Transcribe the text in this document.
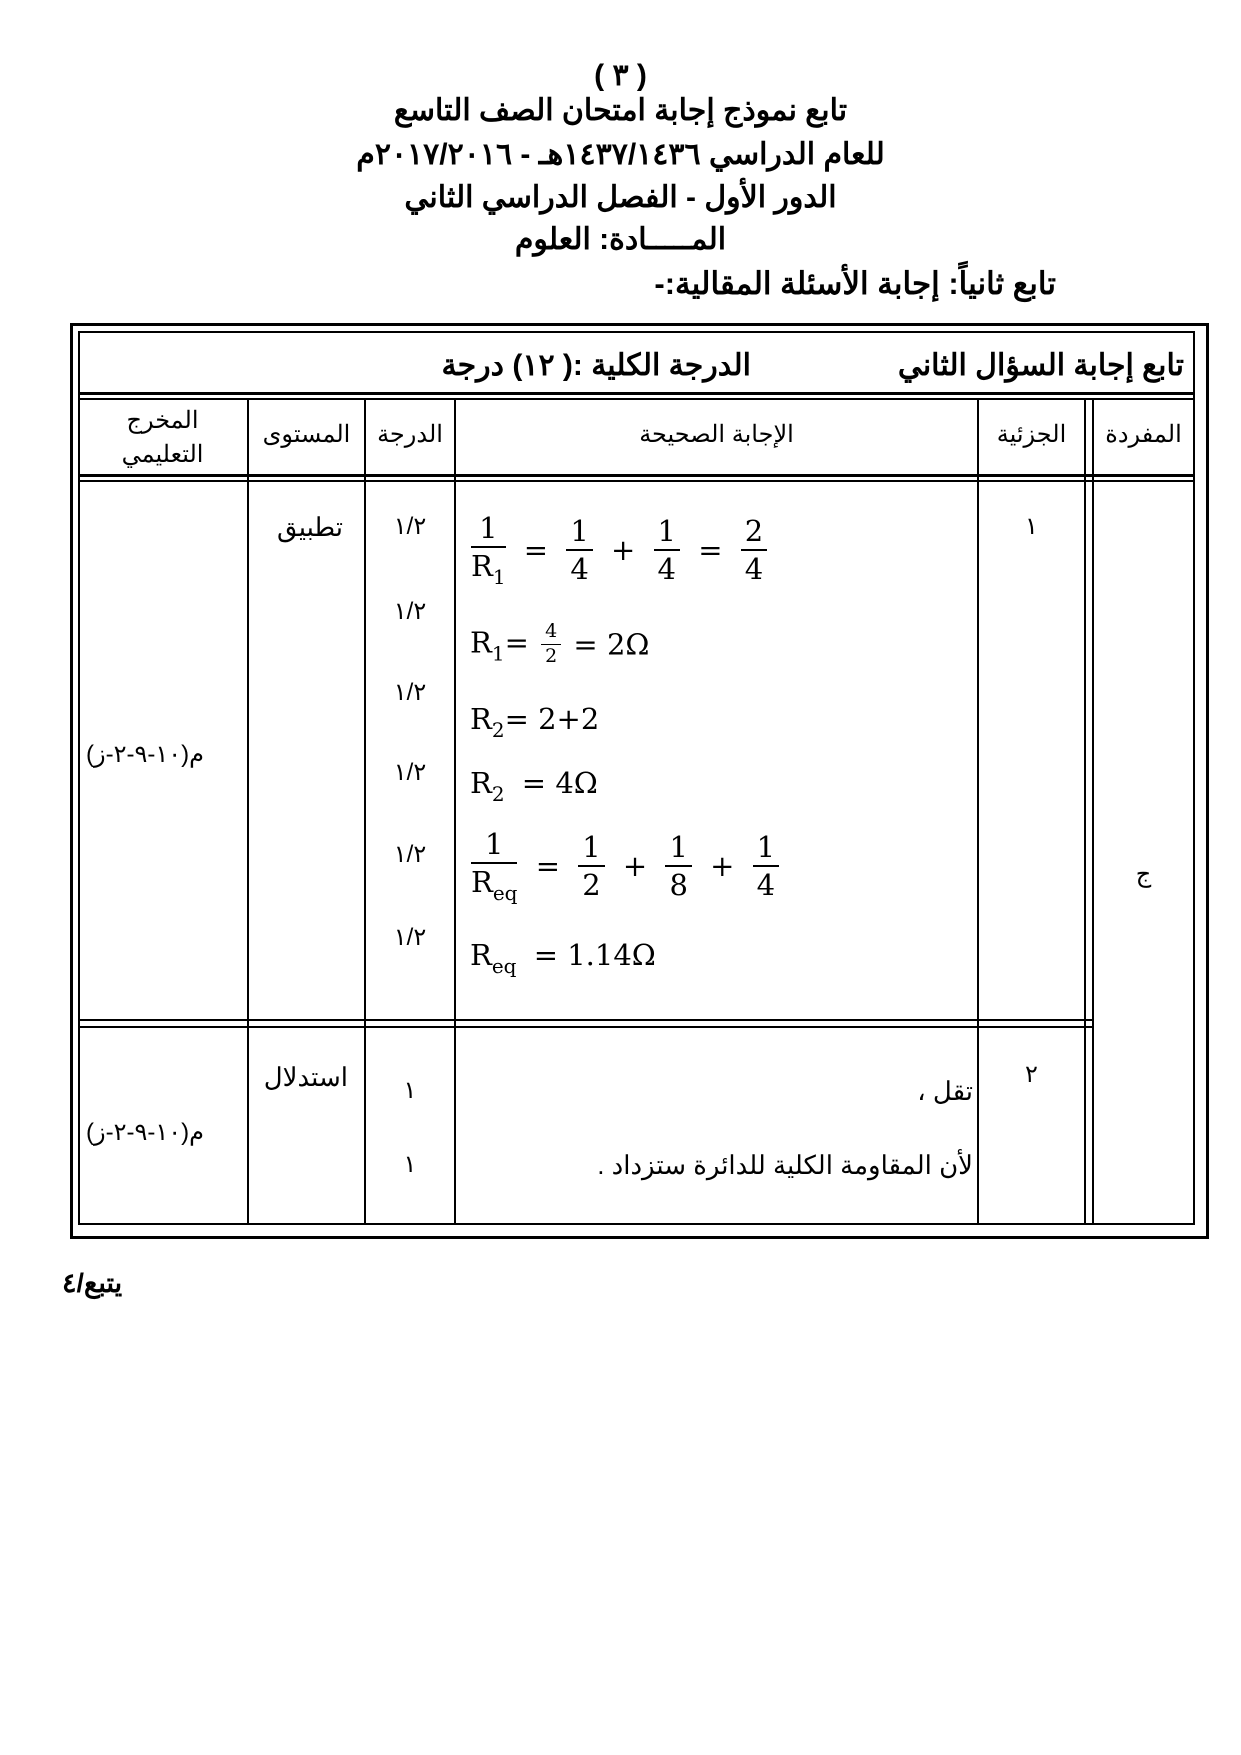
( ٣ )
تابع نموذج إجابة امتحان الصف التاسع
للعام الدراسي ١٤٣٧/١٤٣٦هـ - ٢٠١٧/٢٠١٦م
الدور الأول - الفصل الدراسي الثاني
المـــــادة: العلوم
تابع ثانياً: إجابة الأسئلة المقالية:-
تابع إجابة السؤال الثاني
الدرجة الكلية :( ١٢) درجة
المفردة
الجزئية
الإجابة الصحيحة
الدرجة
المستوى
المخرج التعليمي
ج
١
تطبيق
م(١٠-٩-٢-ز)
١/٢
١/٢
١/٢
١/٢
١/٢
١/٢
$\frac{1}{R_1} = \frac{1}{4} + \frac{1}{4} = \frac{2}{4}$
$R_1= \frac{4}{2} = 2\Omega$
$R_2= 2+2$
$R_2 = 4\Omega$
$\frac{1}{R_{eq}} = \frac{1}{2} + \frac{1}{8} + \frac{1}{4}$
$R_{eq} = 1.14\Omega$
٢
استدلال
م(١٠-٩-٢-ز)
١
١
تقل ،
لأن المقاومة الكلية للدائرة ستزداد .
يتبع/٤
